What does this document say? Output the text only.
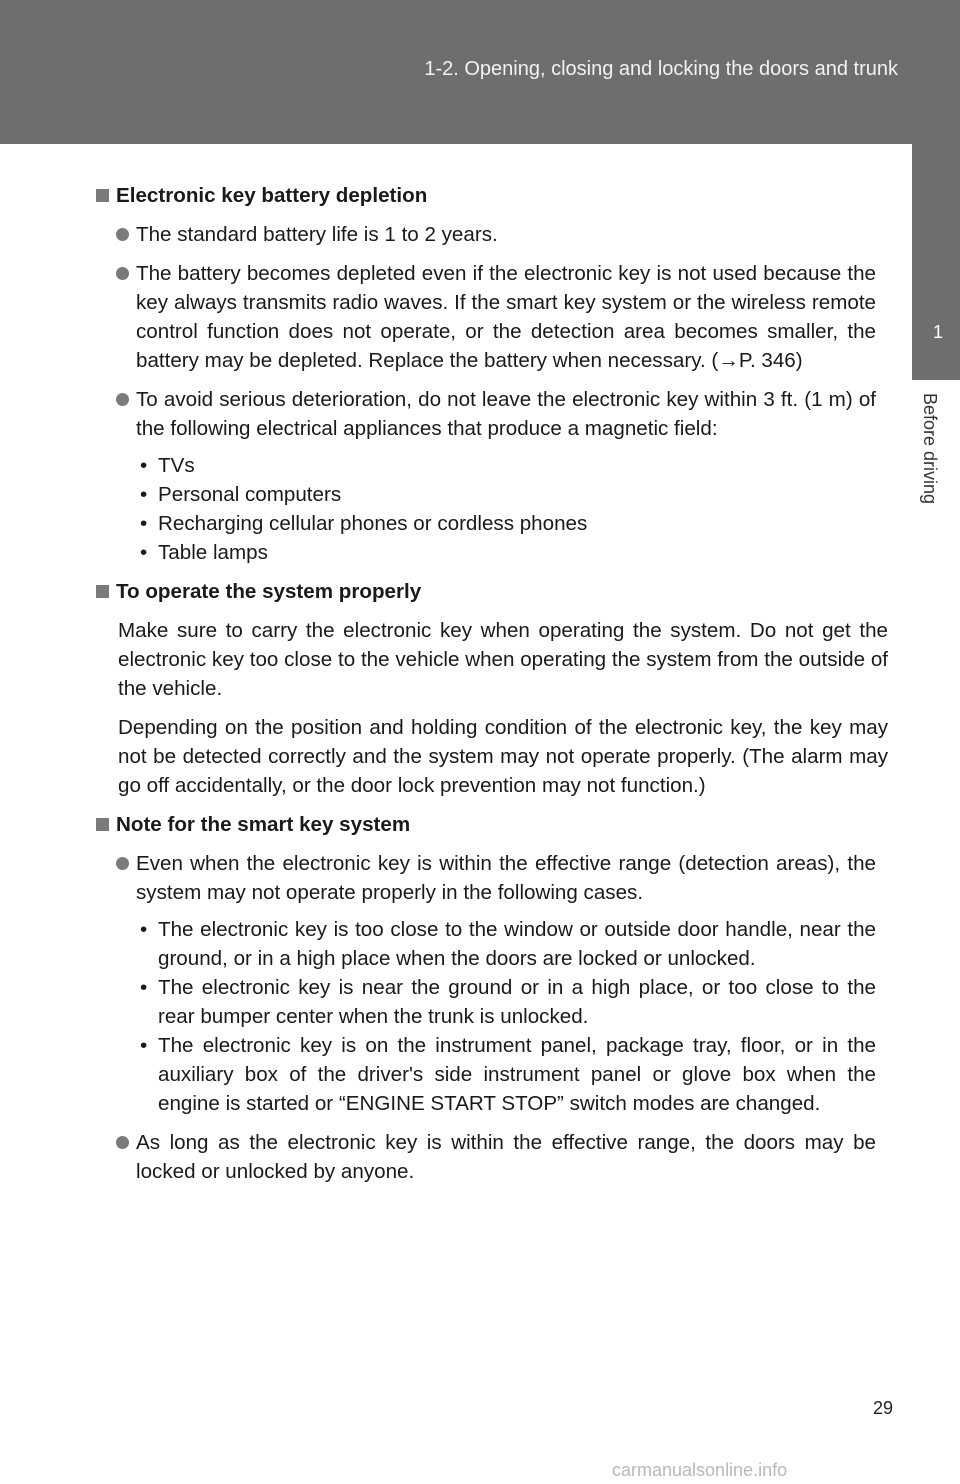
1-2. Opening, closing and locking the doors and trunk
1
Before driving
Electronic key battery depletion
The standard battery life is 1 to 2 years.
The battery becomes depleted even if the electronic key is not used because the key always transmits radio waves. If the smart key system or the wireless remote control function does not operate, or the detection area becomes smaller, the battery may be depleted. Replace the battery when necessary. (→P. 346)
To avoid serious deterioration, do not leave the electronic key within 3 ft. (1 m) of the following electrical appliances that produce a magnetic field:
• TVs
• Personal computers
• Recharging cellular phones or cordless phones
• Table lamps
To operate the system properly
Make sure to carry the electronic key when operating the system. Do not get the electronic key too close to the vehicle when operating the system from the outside of the vehicle.
Depending on the position and holding condition of the electronic key, the key may not be detected correctly and the system may not operate properly. (The alarm may go off accidentally, or the door lock prevention may not function.)
Note for the smart key system
Even when the electronic key is within the effective range (detection areas), the system may not operate properly in the following cases.
• The electronic key is too close to the window or outside door handle, near the ground, or in a high place when the doors are locked or unlocked.
• The electronic key is near the ground or in a high place, or too close to the rear bumper center when the trunk is unlocked.
• The electronic key is on the instrument panel, package tray, floor, or in the auxiliary box of the driver's side instrument panel or glove box when the engine is started or “ENGINE START STOP” switch modes are changed.
As long as the electronic key is within the effective range, the doors may be locked or unlocked by anyone.
29
carmanualsonline.info
